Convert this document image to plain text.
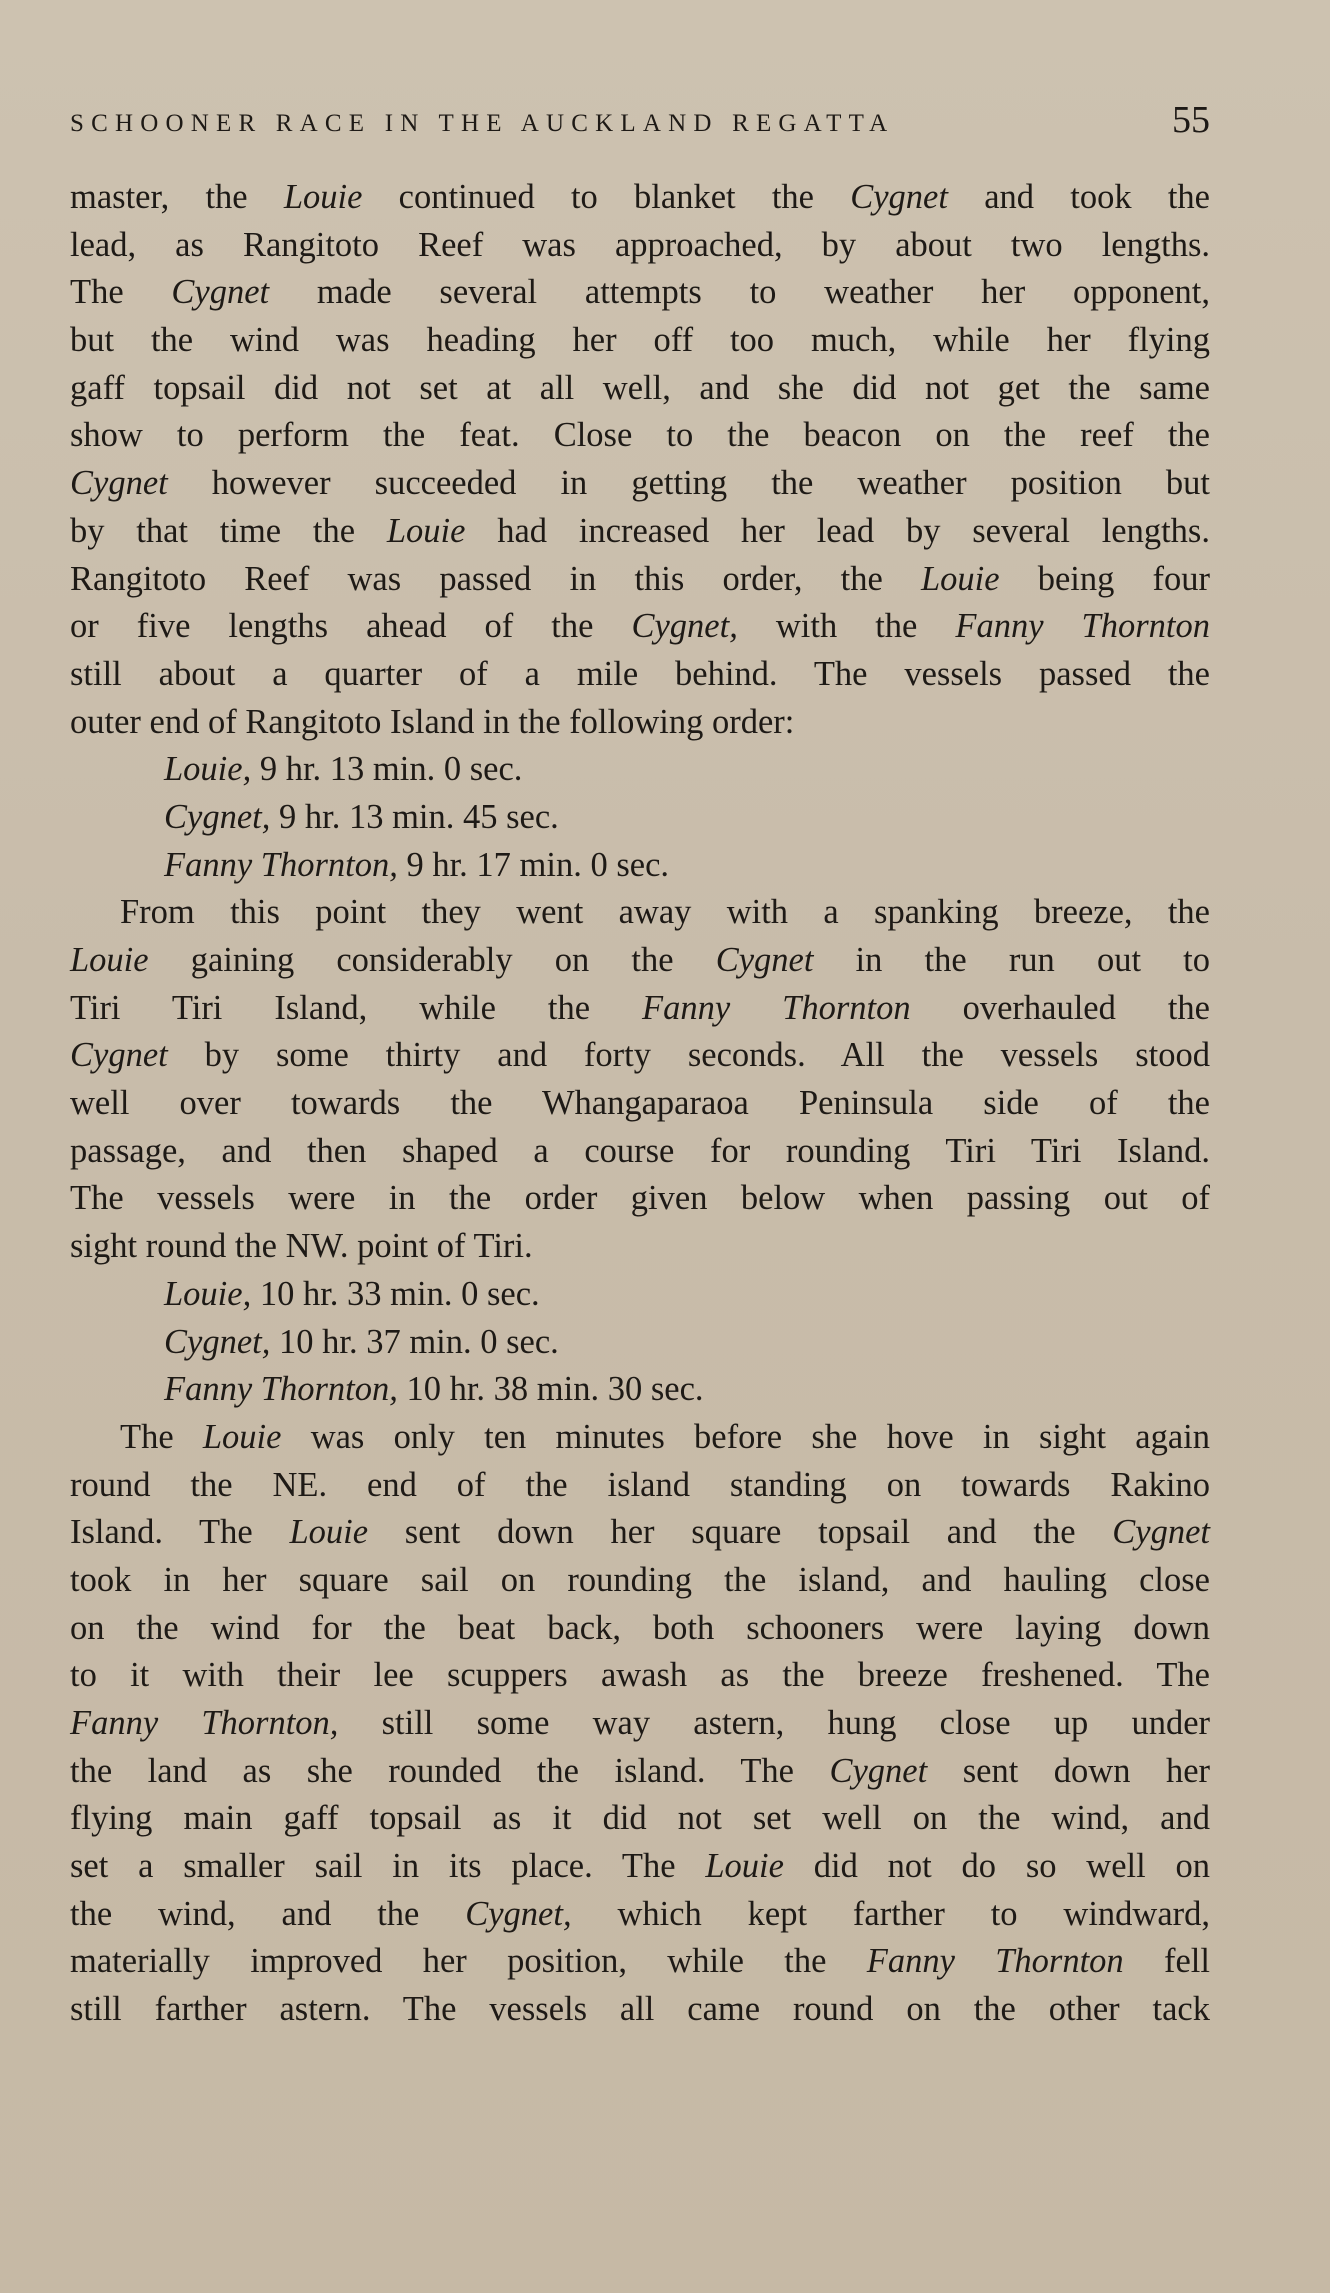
SCHOONER RACE IN THE AUCKLAND REGATTA	55
master, the Louie continued to blanket the Cygnet and took the
lead, as Rangitoto Reef was approached, by about two lengths.
The Cygnet made several attempts to weather her opponent,
but the wind was heading her off too much, while her flying
gaff topsail did not set at all well, and she did not get the same
show to perform the feat. Close to the beacon on the reef the
Cygnet however succeeded in getting the weather position but
by that time the Louie had increased her lead by several lengths.
Rangitoto Reef was passed in this order, the Louie being four
or five lengths ahead of the Cygnet, with the Fanny Thornton
still about a quarter of a mile behind. The vessels passed the
outer end of Rangitoto Island in the following order:
Louie, 9 hr. 13 min. 0 sec.
Cygnet, 9 hr. 13 min. 45 sec.
Fanny Thornton, 9 hr. 17 min. 0 sec.
From this point they went away with a spanking breeze, the
Louie gaining considerably on the Cygnet in the run out to
Tiri Tiri Island, while the Fanny Thornton overhauled the
Cygnet by some thirty and forty seconds. All the vessels stood
well over towards the Whangaparaoa Peninsula side of the
passage, and then shaped a course for rounding Tiri Tiri Island.
The vessels were in the order given below when passing out of
sight round the NW. point of Tiri.
Louie, 10 hr. 33 min. 0 sec.
Cygnet, 10 hr. 37 min. 0 sec.
Fanny Thornton, 10 hr. 38 min. 30 sec.
The Louie was only ten minutes before she hove in sight again
round the NE. end of the island standing on towards Rakino
Island. The Louie sent down her square topsail and the Cygnet
took in her square sail on rounding the island, and hauling close
on the wind for the beat back, both schooners were laying down
to it with their lee scuppers awash as the breeze freshened. The
Fanny Thornton, still some way astern, hung close up under
the land as she rounded the island. The Cygnet sent down her
flying main gaff topsail as it did not set well on the wind, and
set a smaller sail in its place. The Louie did not do so well on
the wind, and the Cygnet, which kept farther to windward,
materially improved her position, while the Fanny Thornton fell
still farther astern. The vessels all came round on the other tack
